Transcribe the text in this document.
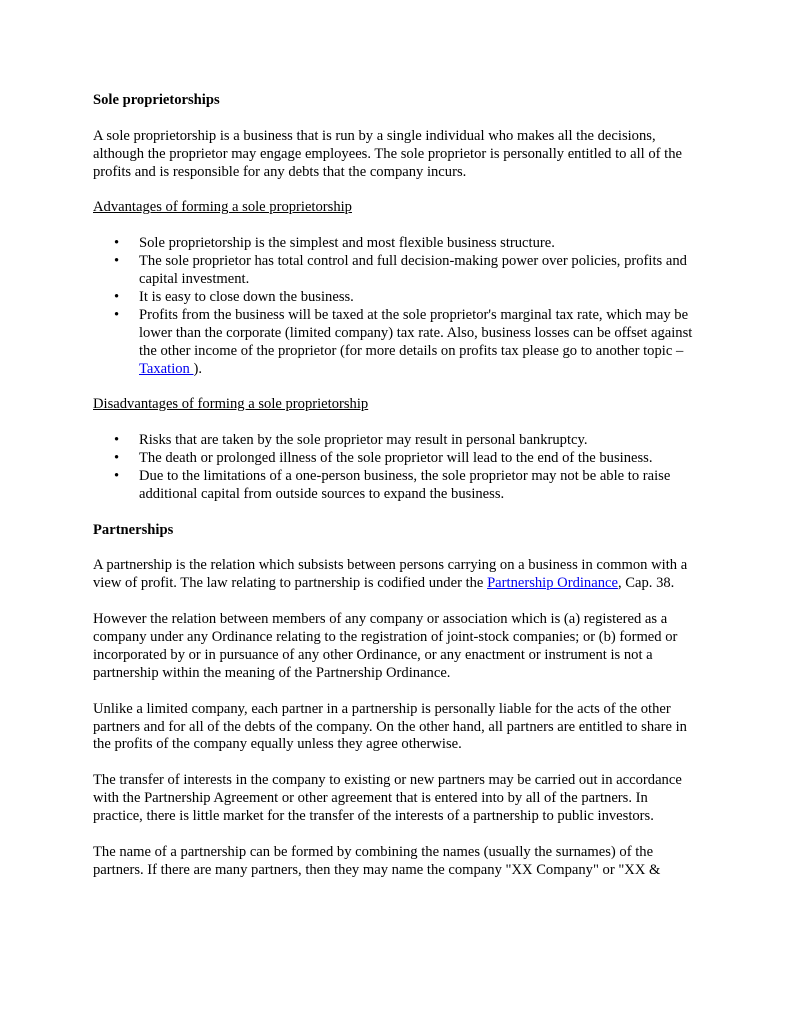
Sole proprietorships

A sole proprietorship is a business that is run by a single individual who makes all the decisions, although the proprietor may engage employees. The sole proprietor is personally entitled to all of the profits and is responsible for any debts that the company incurs.

Advantages of forming a sole proprietorship

• Sole proprietorship is the simplest and most flexible business structure.
• The sole proprietor has total control and full decision-making power over policies, profits and capital investment.
• It is easy to close down the business.
• Profits from the business will be taxed at the sole proprietor's marginal tax rate, which may be lower than the corporate (limited company) tax rate. Also, business losses can be offset against the other income of the proprietor (for more details on profits tax please go to another topic – Taxation ).

Disadvantages of forming a sole proprietorship

• Risks that are taken by the sole proprietor may result in personal bankruptcy.
• The death or prolonged illness of the sole proprietor will lead to the end of the business.
• Due to the limitations of a one-person business, the sole proprietor may not be able to raise additional capital from outside sources to expand the business.
Partnerships

A partnership is the relation which subsists between persons carrying on a business in common with a view of profit. The law relating to partnership is codified under the Partnership Ordinance, Cap. 38.

However the relation between members of any company or association which is (a) registered as a company under any Ordinance relating to the registration of joint-stock companies; or (b) formed or incorporated by or in pursuance of any other Ordinance, or any enactment or instrument is not a partnership within the meaning of the Partnership Ordinance.

Unlike a limited company, each partner in a partnership is personally liable for the acts of the other partners and for all of the debts of the company. On the other hand, all partners are entitled to share in the profits of the company equally unless they agree otherwise.

The transfer of interests in the company to existing or new partners may be carried out in accordance with the Partnership Agreement or other agreement that is entered into by all of the partners. In practice, there is little market for the transfer of the interests of a partnership to public investors.

The name of a partnership can be formed by combining the names (usually the surnames) of the partners. If there are many partners, then they may name the company "XX Company" or "XX &
